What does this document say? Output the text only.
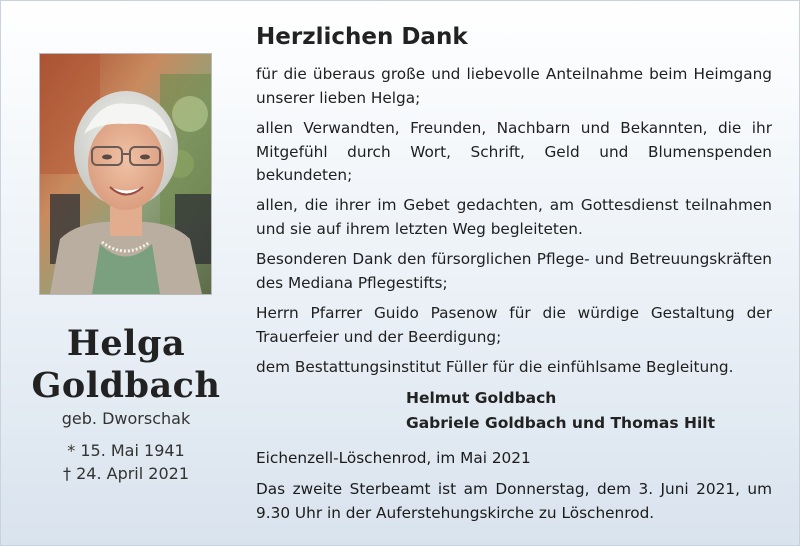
Helga
Goldbach
geb. Dworschak
* 15. Mai 1941
† 24. April 2021
Herzlichen Dank
für die überaus große und liebevolle Anteilnahme beim Heimgang unserer lieben Helga;
allen Verwandten, Freunden, Nachbarn und Bekannten, die ihr Mitgefühl durch Wort, Schrift, Geld und Blumenspenden bekundeten;
allen, die ihrer im Gebet gedachten, am Gottesdienst teilnahmen und sie auf ihrem letzten Weg begleiteten.
Besonderen Dank den fürsorglichen Pflege- und Betreuungskräften des Mediana Pflegestifts;
Herrn Pfarrer Guido Pasenow für die würdige Gestaltung der Trauerfeier und der Beerdigung;
dem Bestattungsinstitut Füller für die einfühlsame Begleitung.
Helmut Goldbach
Gabriele Goldbach und Thomas Hilt
Eichenzell-Löschenrod, im Mai 2021
Das zweite Sterbeamt ist am Donnerstag, dem 3. Juni 2021, um 9.30 Uhr in der Auferstehungskirche zu Löschenrod.
